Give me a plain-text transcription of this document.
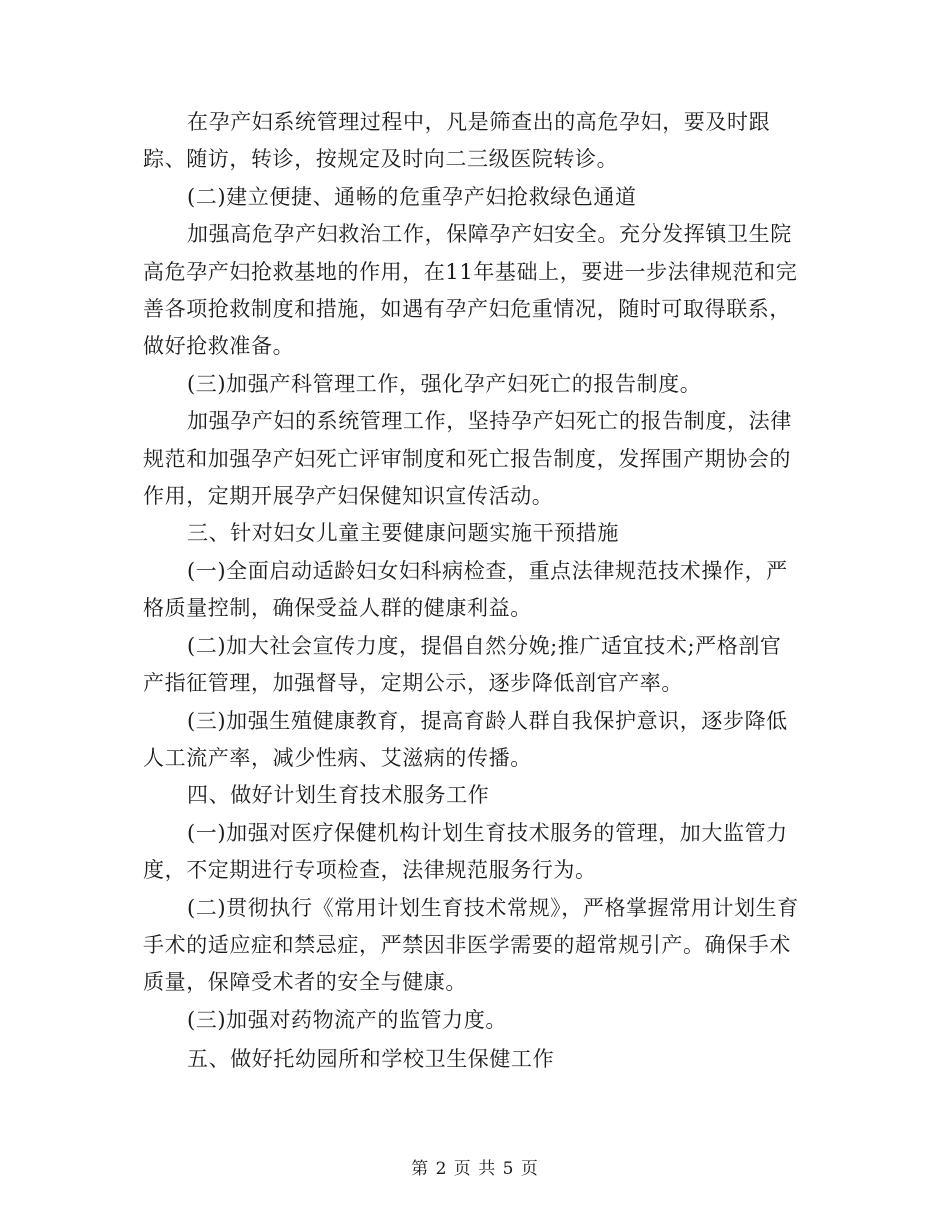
在孕产妇系统管理过程中，凡是筛查出的高危孕妇，要及时跟踪、随访，转诊，按规定及时向二三级医院转诊。

(二)建立便捷、通畅的危重孕产妇抢救绿色通道

加强高危孕产妇救治工作，保障孕产妇安全。充分发挥镇卫生院高危孕产妇抢救基地的作用，在11年基础上，要进一步法律规范和完善各项抢救制度和措施，如遇有孕产妇危重情况，随时可取得联系，做好抢救准备。

(三)加强产科管理工作，强化孕产妇死亡的报告制度。

加强孕产妇的系统管理工作，坚持孕产妇死亡的报告制度，法律规范和加强孕产妇死亡评审制度和死亡报告制度，发挥围产期协会的作用，定期开展孕产妇保健知识宣传活动。

三、针对妇女儿童主要健康问题实施干预措施

(一)全面启动适龄妇女妇科病检查，重点法律规范技术操作，严格质量控制，确保受益人群的健康利益。

(二)加大社会宣传力度，提倡自然分娩;推广适宜技术;严格剖官产指征管理，加强督导，定期公示，逐步降低剖官产率。

(三)加强生殖健康教育，提高育龄人群自我保护意识，逐步降低人工流产率，减少性病、艾滋病的传播。

四、做好计划生育技术服务工作

(一)加强对医疗保健机构计划生育技术服务的管理，加大监管力度，不定期进行专项检查，法律规范服务行为。

(二)贯彻执行《常用计划生育技术常规》，严格掌握常用计划生育手术的适应症和禁忌症，严禁因非医学需要的超常规引产。确保手术质量，保障受术者的安全与健康。

(三)加强对药物流产的监管力度。

五、做好托幼园所和学校卫生保健工作

第 2 页 共 5 页
